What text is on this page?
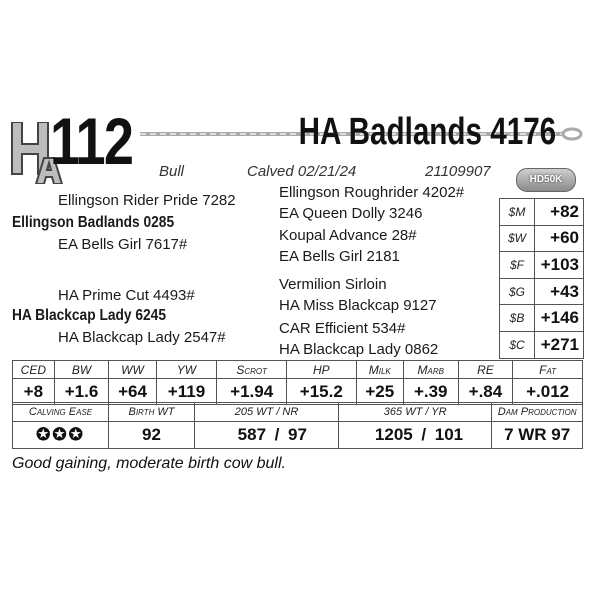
112	HA Badlands 4176
Bull	Calved 02/21/24	21109907	HD50K
Ellingson Rider Pride 7282
Ellingson Badlands 0285
EA Bells Girl 7617#
HA Prime Cut 4493#
HA Blackcap Lady 6245
HA Blackcap Lady 2547#
Ellingson Roughrider 4202#
EA Queen Dolly 3246
Koupal Advance 28#
EA Bells Girl 2181
Vermilion Sirloin
HA Miss Blackcap 9127
CAR Efficient 534#
HA Blackcap Lady 0862
$M	+82
$W	+60
$F	+103
$G	+43
$B	+146
$C	+271
CED	BW	WW	YW	Scrot	HP	Milk	Marb	RE	Fat
+8	+1.6	+64	+119	+1.94	+15.2	+25	+.39	+.84	+.012
Calving Ease	Birth WT	205 WT / NR			365 WT / YR			Dam Production
✪✪✪	92	587	/	97	1205	/	101	7 WR 97
Good gaining, moderate birth cow bull.
